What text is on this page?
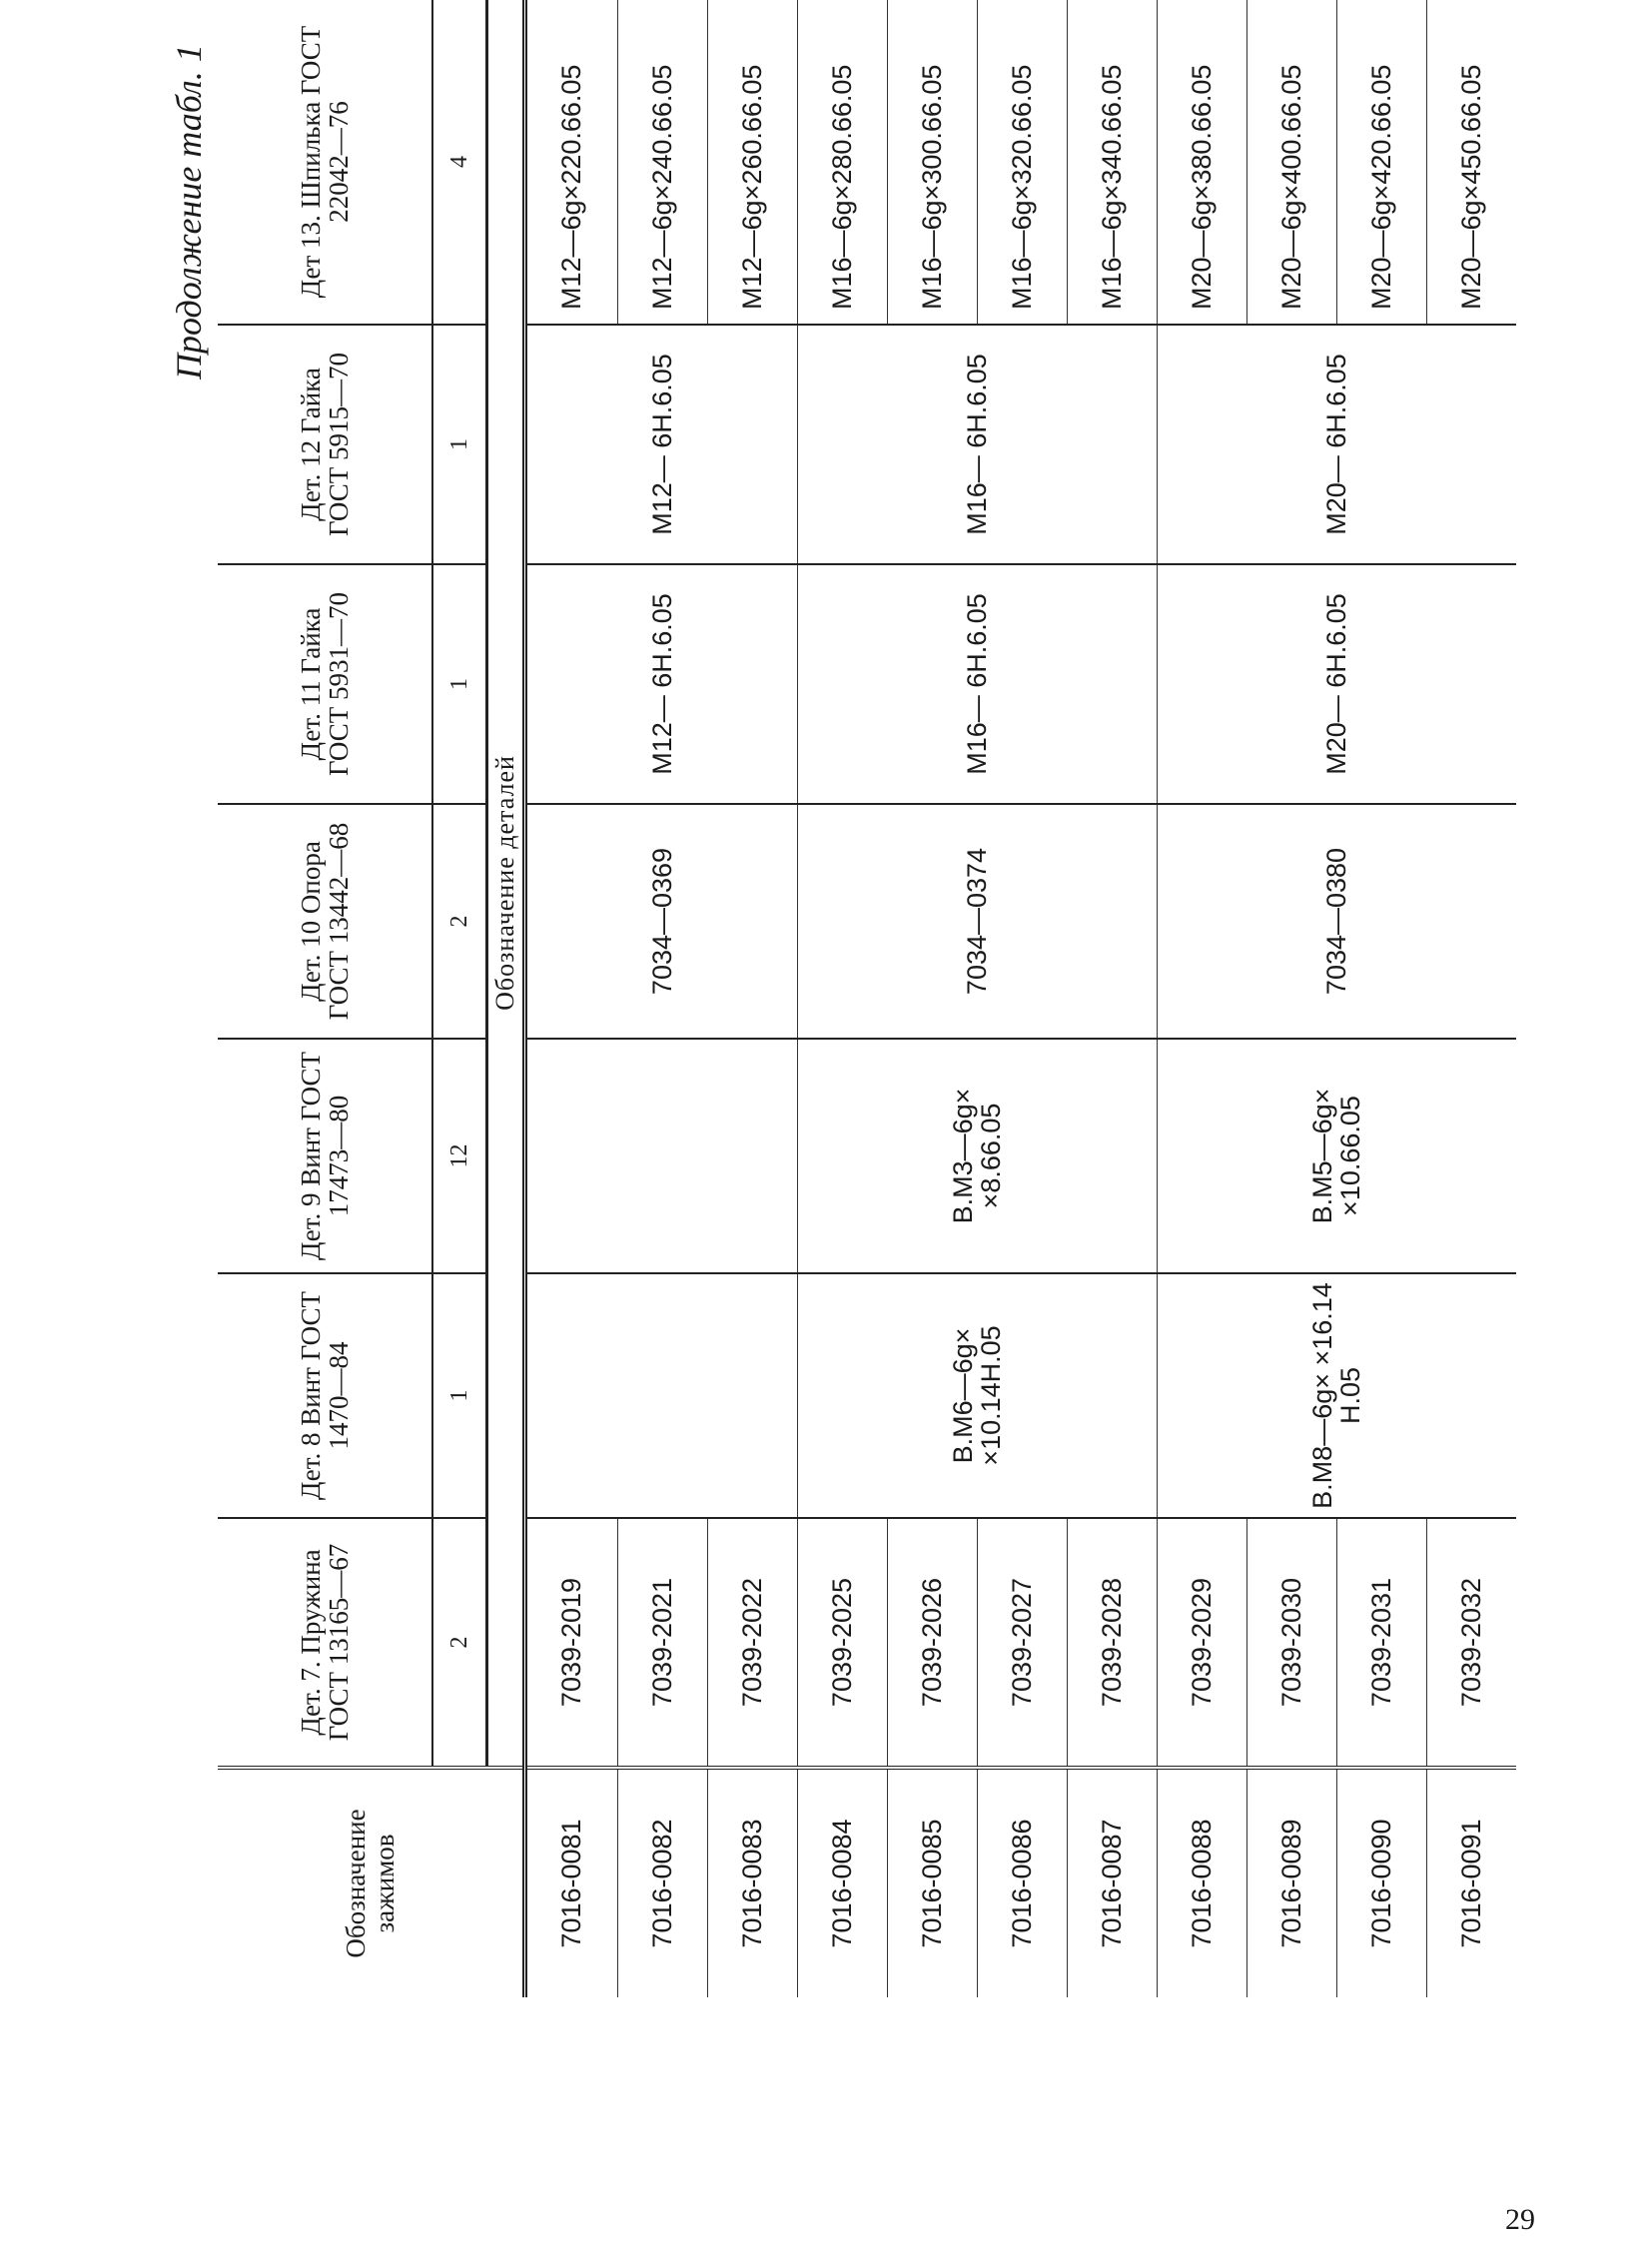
Продолжение табл. 1
29
Обозначение зажимов	Дет. 7. Пружина ГОСТ 13165—67	Дет. 8 Винт ГОСТ 1470—84	Дет. 9 Винт ГОСТ 17473—80	Дет. 10 Опора ГОСТ 13442—68	Дет. 11 Гайка ГОСТ 5931—70	Дет. 12 Гайка ГОСТ 5915—70	Дет 13. Шпилька ГОСТ 22042—76
	2	1	12	2	1	1	4
	Обозначение деталей						
7016-0081	7039-2019			7034—0369	М12— 6Н.6.05	М12— 6Н.6.05	M12—6g×220.66.05
7016-0082	7039-2021						M12—6g×240.66.05
7016-0083	7039-2022						M12—6g×260.66.05
7016-0084	7039-2025	В.М6—6g× ×10.14Н.05	В.М3—6g× ×8.66.05	7034—0374	М16— 6Н.6.05	М16— 6Н.6.05	M16—6g×280.66.05
7016-0085	7039-2026						M16—6g×300.66.05
7016-0086	7039-2027						M16—6g×320.66.05
7016-0087	7039-2028						M16—6g×340.66.05
7016-0088	7039-2029	В.М8—6g× ×16.14 Н.05	В.М5—6g× ×10.66.05	7034—0380	М20— 6Н.6.05	М20— 6Н.6.05	M20—6g×380.66.05
7016-0089	7039-2030						M20—6g×400.66.05
7016-0090	7039-2031						M20—6g×420.66.05
7016-0091	7039-2032						M20—6g×450.66.05
